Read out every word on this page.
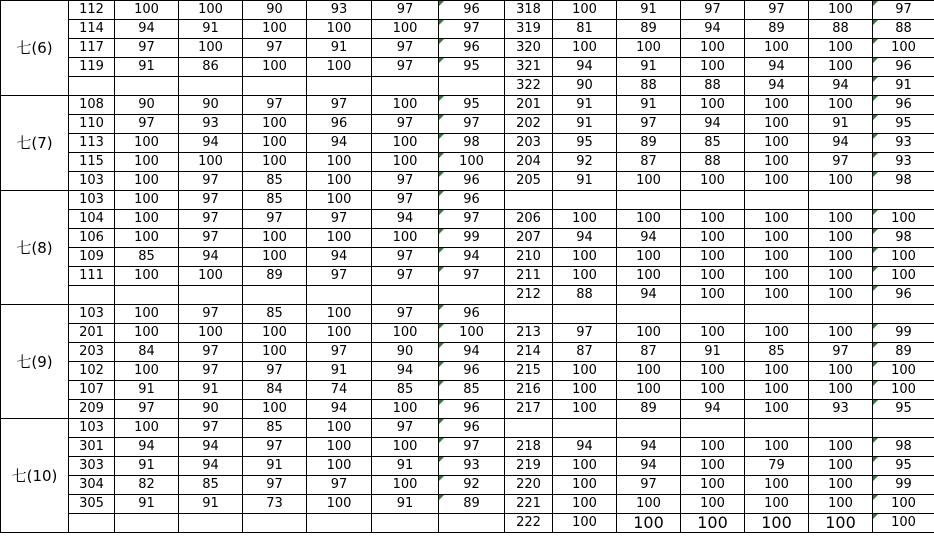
七(6)	112	100	100	90	93	97	96	318	100	91	97	97	100	97
	114	94	91	100	100	100	97	319	81	89	94	89	88	88
	117	97	100	97	91	97	96	320	100	100	100	100	100	100
	119	91	86	100	100	97	95	321	94	91	100	94	100	96
								322	90	88	88	94	94	91
七(7)	108	90	90	97	97	100	95	201	91	91	100	100	100	96
	110	97	93	100	96	97	97	202	91	97	94	100	91	95
	113	100	94	100	94	100	98	203	95	89	85	100	94	93
	115	100	100	100	100	100	100	204	92	87	88	100	97	93
	103	100	97	85	100	97	96	205	91	100	100	100	100	98
七(8)	103	100	97	85	100	97	96							
	104	100	97	97	97	94	97	206	100	100	100	100	100	100
	106	100	97	100	100	100	99	207	94	94	100	100	100	98
	109	85	94	100	94	97	94	210	100	100	100	100	100	100
	111	100	100	89	97	97	97	211	100	100	100	100	100	100
								212	88	94	100	100	100	96
七(9)	103	100	97	85	100	97	96							
	201	100	100	100	100	100	100	213	97	100	100	100	100	99
	203	84	97	100	97	90	94	214	87	87	91	85	97	89
	102	100	97	97	91	94	96	215	100	100	100	100	100	100
	107	91	91	84	74	85	85	216	100	100	100	100	100	100
	209	97	90	100	94	100	96	217	100	89	94	100	93	95
七(10)	103	100	97	85	100	97	96							
	301	94	94	97	100	100	97	218	94	94	100	100	100	98
	303	91	94	91	100	91	93	219	100	94	100	79	100	95
	304	82	85	97	97	100	92	220	100	97	100	100	100	99
	305	91	91	73	100	91	89	221	100	100	100	100	100	100
								222	100	100	100	100	100	100
